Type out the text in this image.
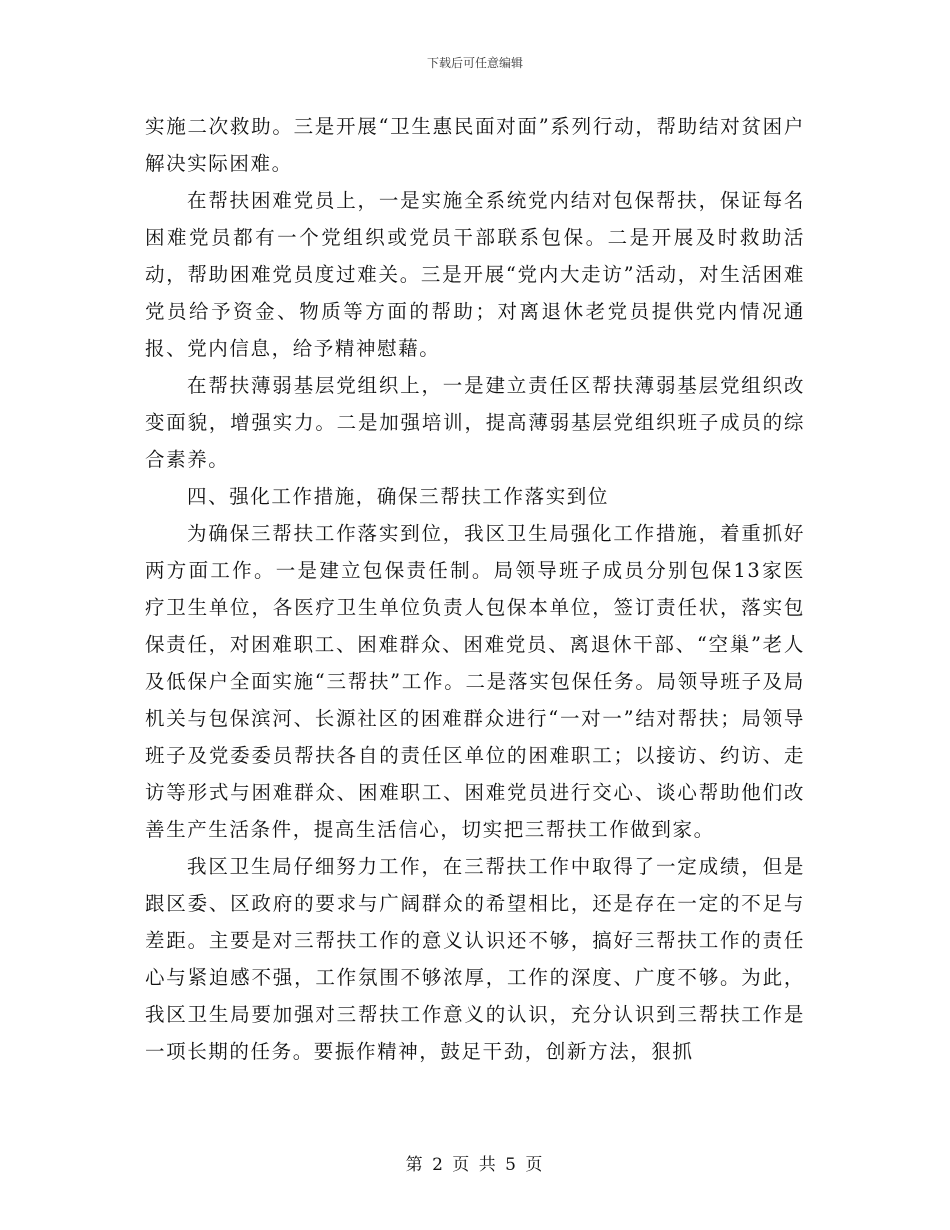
下载后可任意编辑

实施二次救助。三是开展“卫生惠民面对面”系列行动，帮助结对贫困户解决实际困难。

在帮扶困难党员上，一是实施全系统党内结对包保帮扶，保证每名困难党员都有一个党组织或党员干部联系包保。二是开展及时救助活动，帮助困难党员度过难关。三是开展“党内大走访”活动，对生活困难党员给予资金、物质等方面的帮助；对离退休老党员提供党内情况通报、党内信息，给予精神慰藉。

在帮扶薄弱基层党组织上，一是建立责任区帮扶薄弱基层党组织改变面貌，增强实力。二是加强培训，提高薄弱基层党组织班子成员的综合素养。

四、强化工作措施，确保三帮扶工作落实到位

为确保三帮扶工作落实到位，我区卫生局强化工作措施，着重抓好两方面工作。一是建立包保责任制。局领导班子成员分别包保13家医疗卫生单位，各医疗卫生单位负责人包保本单位，签订责任状，落实包保责任，对困难职工、困难群众、困难党员、离退休干部、“空巢”老人及低保户全面实施“三帮扶”工作。二是落实包保任务。局领导班子及局机关与包保滨河、长源社区的困难群众进行“一对一”结对帮扶；局领导班子及党委委员帮扶各自的责任区单位的困难职工；以接访、约访、走访等形式与困难群众、困难职工、困难党员进行交心、谈心帮助他们改善生产生活条件，提高生活信心，切实把三帮扶工作做到家。

我区卫生局仔细努力工作，在三帮扶工作中取得了一定成绩，但是跟区委、区政府的要求与广阔群众的希望相比，还是存在一定的不足与差距。主要是对三帮扶工作的意义认识还不够，搞好三帮扶工作的责任心与紧迫感不强，工作氛围不够浓厚，工作的深度、广度不够。为此，我区卫生局要加强对三帮扶工作意义的认识，充分认识到三帮扶工作是一项长期的任务。要振作精神，鼓足干劲，创新方法，狠抓

第 2 页 共 5 页
